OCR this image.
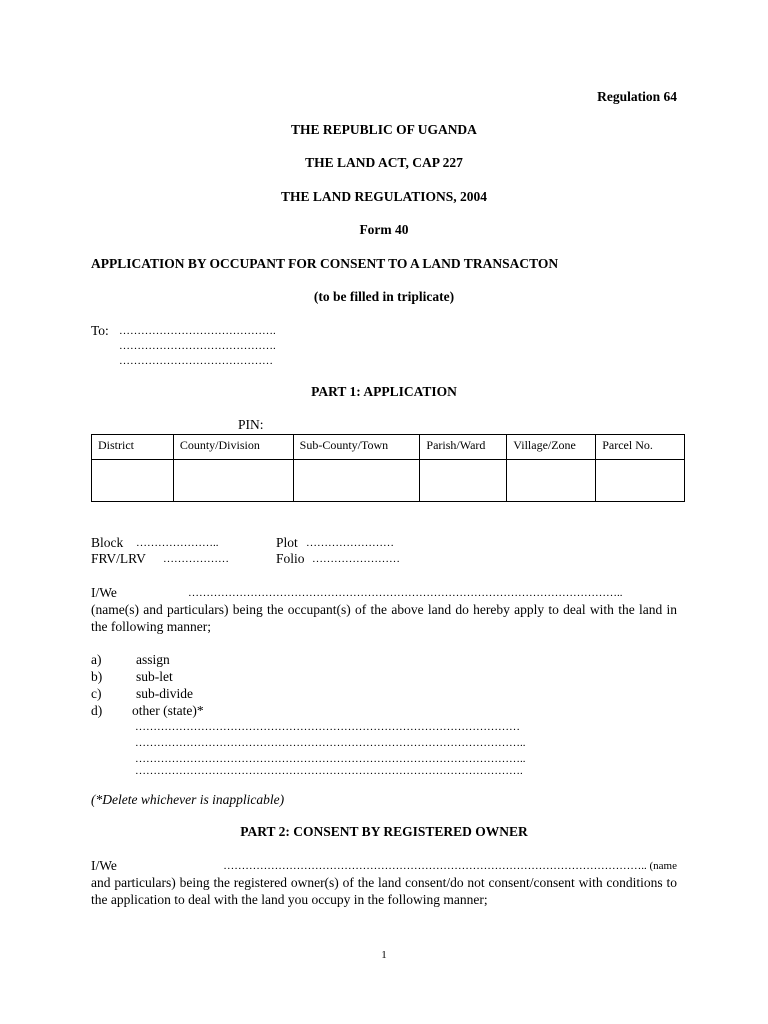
Regulation 64
THE REPUBLIC OF UGANDA
THE LAND ACT, CAP 227
THE LAND REGULATIONS, 2004
Form 40
APPLICATION BY OCCUPANT FOR CONSENT TO A LAND TRANSACTON
(to be filled in triplicate)
To: …………………………………….
…………………………………….
……………………………………
PART 1: APPLICATION
PIN:
District	County/Division	Sub-County/Town	Parish/Ward	Village/Zone	Parcel No.

Block …………………..	Plot ……………………
FRV/LRV ………………	Folio ……………………
I/We	………………………………………………………………………………………………………..
(name(s) and particulars) being the occupant(s) of the above land do hereby apply to deal with the land in the following manner;
a)	assign
b)	sub-let
c)	sub-divide
d) other (state)*
……………………………………………………………………………………………
……………………………………………………………………………………………..
……………………………………………………………………………………………..
…………………………………………………………………………………………….
(*Delete whichever is inapplicable)
PART 2: CONSENT BY REGISTERED OWNER
I/We	…………………………………………………………………………………………………….. (name
and particulars) being the registered owner(s) of the land consent/do not consent/consent with conditions to the application to deal with the land you occupy in the following manner;
1
